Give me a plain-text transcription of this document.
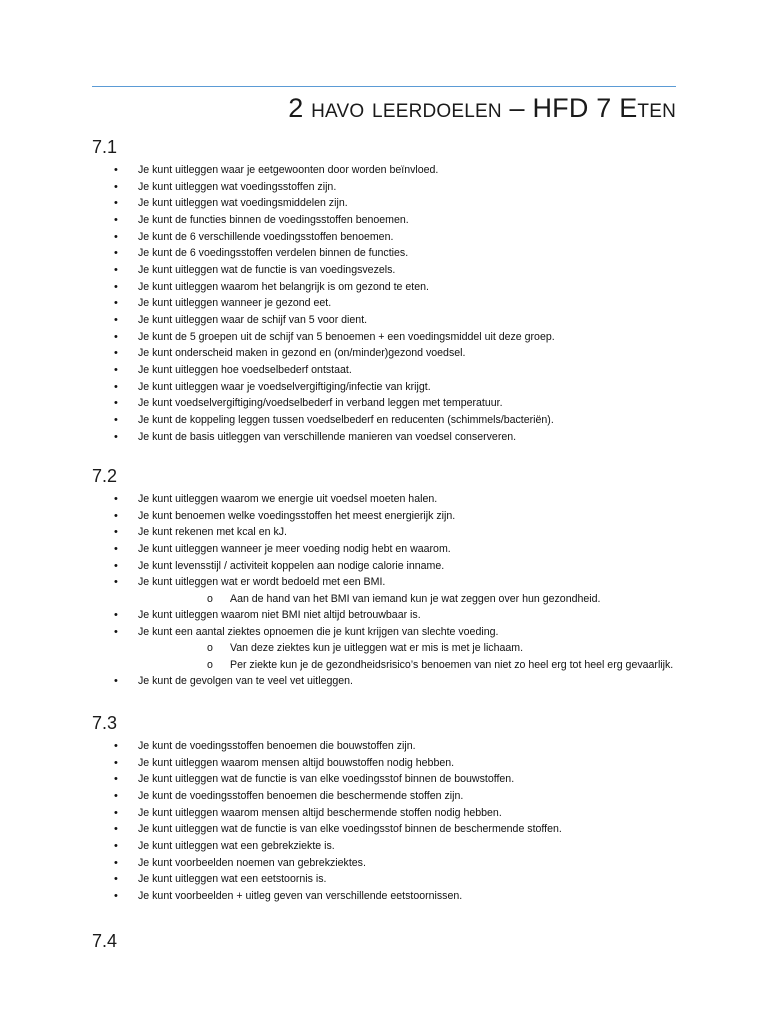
2 havo leerdoelen – HFD 7 Eten
7.1
• Je kunt uitleggen waar je eetgewoonten door worden beïnvloed.
• Je kunt uitleggen wat voedingsstoffen zijn.
• Je kunt uitleggen wat voedingsmiddelen zijn.
• Je kunt de functies binnen de voedingsstoffen benoemen.
• Je kunt de 6 verschillende voedingsstoffen benoemen.
• Je kunt de 6 voedingsstoffen verdelen binnen de functies.
• Je kunt uitleggen wat de functie is van voedingsvezels.
• Je kunt uitleggen waarom het belangrijk is om gezond te eten.
• Je kunt uitleggen wanneer je gezond eet.
• Je kunt uitleggen waar de schijf van 5 voor dient.
• Je kunt de 5 groepen uit de schijf van 5 benoemen + een voedingsmiddel uit deze groep.
• Je kunt onderscheid maken in gezond en (on/minder)gezond voedsel.
• Je kunt uitleggen hoe voedselbederf ontstaat.
• Je kunt uitleggen waar je voedselvergiftiging/infectie van krijgt.
• Je kunt voedselvergiftiging/voedselbederf in verband leggen met temperatuur.
• Je kunt de koppeling leggen tussen voedselbederf en reducenten (schimmels/bacteriën).
• Je kunt de basis uitleggen van verschillende manieren van voedsel conserveren.
7.2
• Je kunt uitleggen waarom we energie uit voedsel moeten halen.
• Je kunt benoemen welke voedingsstoffen het meest energierijk zijn.
• Je kunt rekenen met kcal en kJ.
• Je kunt uitleggen wanneer je meer voeding nodig hebt en waarom.
• Je kunt levensstijl / activiteit koppelen aan nodige calorie inname.
• Je kunt uitleggen wat er wordt bedoeld met een BMI.
o Aan de hand van het BMI van iemand kun je wat zeggen over hun gezondheid.
• Je kunt uitleggen waarom niet BMI niet altijd betrouwbaar is.
• Je kunt een aantal ziektes opnoemen die je kunt krijgen van slechte voeding.
o Van deze ziektes kun je uitleggen wat er mis is met je lichaam.
o Per ziekte kun je de gezondheidsrisico’s benoemen van niet zo heel erg tot heel erg gevaarlijk.
• Je kunt de gevolgen van te veel vet uitleggen.
7.3
• Je kunt de voedingsstoffen benoemen die bouwstoffen zijn.
• Je kunt uitleggen waarom mensen altijd bouwstoffen nodig hebben.
• Je kunt uitleggen wat de functie is van elke voedingsstof binnen de bouwstoffen.
• Je kunt de voedingsstoffen benoemen die beschermende stoffen zijn.
• Je kunt uitleggen waarom mensen altijd beschermende stoffen nodig hebben.
• Je kunt uitleggen wat de functie is van elke voedingsstof binnen de beschermende stoffen.
• Je kunt uitleggen wat een gebrekziekte is.
• Je kunt voorbeelden noemen van gebrekziektes.
• Je kunt uitleggen wat een eetstoornis is.
• Je kunt voorbeelden + uitleg geven van verschillende eetstoornissen.
7.4
